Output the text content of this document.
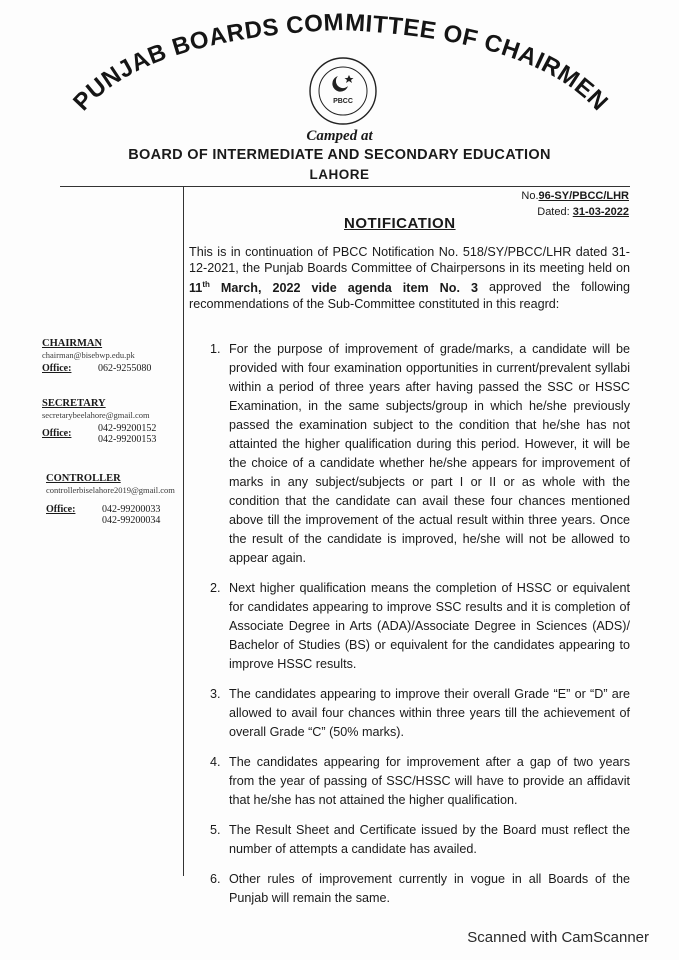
PUNJAB BOARDS COMMITTEE OF CHAIRMEN
PBCC
Camped at
BOARD OF INTERMEDIATE AND SECONDARY EDUCATION
LAHORE
No.96-SY/PBCC/LHR
Dated: 31-03-2022
NOTIFICATION

This is in continuation of PBCC Notification No. 518/SY/PBCC/LHR dated 31-12-2021, the Punjab Boards Committee of Chairpersons in its meeting held on 11th March, 2022 vide agenda item No. 3 approved the following recommendations of the Sub-Committee constituted in this reagrd:

CHAIRMAN
chairman@bisebwp.edu.pk
Office:	062-9255080
SECRETARY
secretarybeelahore@gmail.com
Office:	042-99200152
042-99200153
CONTROLLER
controllerbiselahore2019@gmail.com
Office:	042-99200033
042-99200034
1. For the purpose of improvement of grade/marks, a candidate will be provided with four examination opportunities in current/prevalent syllabi within a period of three years after having passed the SSC or HSSC Examination, in the same subjects/group in which he/she previously passed the examination subject to the condition that he/she has not attainted the higher qualification during this period. However, it will be the choice of a candidate whether he/she appears for improvement of marks in any subject/subjects or part I or II or as whole with the condition that the candidate can avail these four chances mentioned above till the improvement of the actual result within three years. Once the result of the candidate is improved, he/she will not be allowed to appear again.
2. Next higher qualification means the completion of HSSC or equivalent for candidates appearing to improve SSC results and it is completion of Associate Degree in Arts (ADA)/Associate Degree in Sciences (ADS)/ Bachelor of Studies (BS) or equivalent for the candidates appearing to improve HSSC results.
3. The candidates appearing to improve their overall Grade “E” or “D” are allowed to avail four chances within three years till the achievement of overall Grade “C” (50% marks).
4. The candidates appearing for improvement after a gap of two years from the year of passing of SSC/HSSC will have to provide an affidavit that he/she has not attained the higher qualification.
5. The Result Sheet and Certificate issued by the Board must reflect the number of attempts a candidate has availed.
6. Other rules of improvement currently in vogue in all Boards of the Punjab will remain the same.
Scanned with CamScanner
